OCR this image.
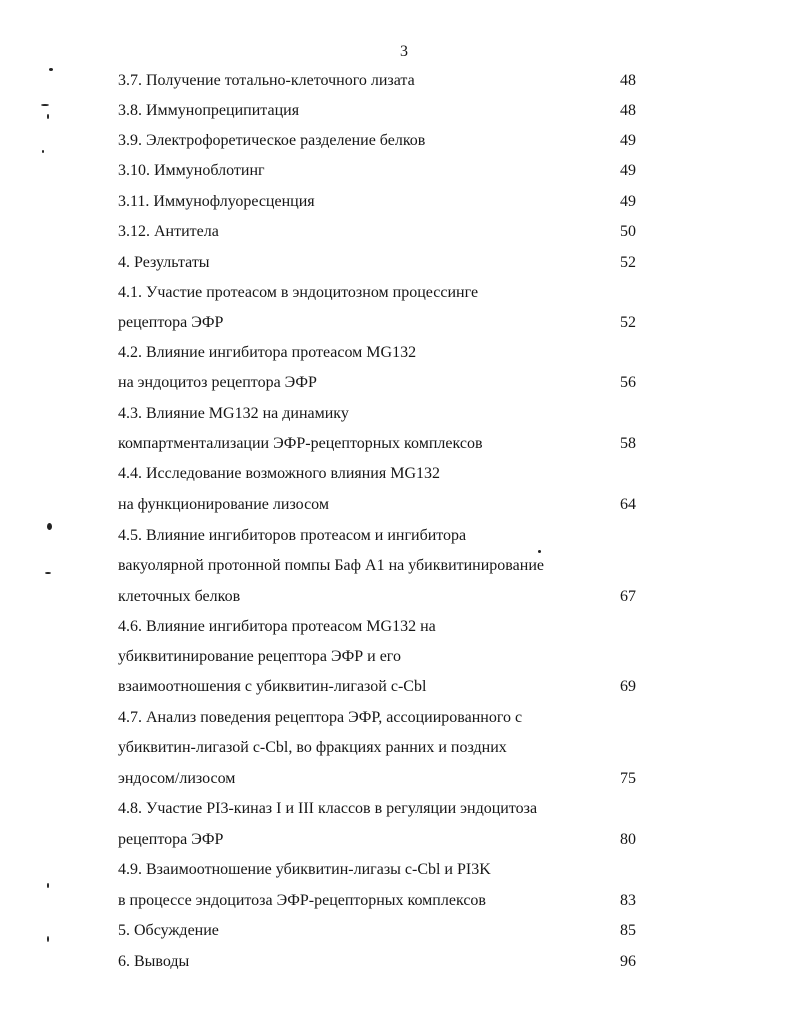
3
3.7. Получение тотально-клеточного лизата	48
3.8. Иммунопреципитация	48
3.9. Электрофоретическое разделение белков	49
3.10. Иммуноблотинг	49
3.11. Иммунофлуоресценция	49
3.12. Антитела	50
4. Результаты	52
4.1. Участие протеасом в эндоцитозном процессинге
рецептора ЭФР	52
4.2. Влияние ингибитора протеасом MG132
на эндоцитоз рецептора ЭФР	56
4.3. Влияние MG132 на динамику
компартментализации ЭФР-рецепторных комплексов	58
4.4. Исследование возможного влияния MG132
на функционирование лизосом	64
4.5. Влияние ингибиторов протеасом и ингибитора
вакуолярной протонной помпы Баф А1 на убиквитинирование
клеточных белков	67
4.6. Влияние ингибитора протеасом MG132 на
убиквитинирование рецептора ЭФР и его
взаимоотношения с убиквитин-лигазой c-Cbl	69
4.7. Анализ поведения рецептора ЭФР, ассоциированного с
убиквитин-лигазой c-Cbl, во фракциях ранних и поздних
эндосом/лизосом	75
4.8. Участие PI3-киназ I и III классов в регуляции эндоцитоза
рецептора ЭФР	80
4.9. Взаимоотношение убиквитин-лигазы c-Cbl и PI3K
в процессе эндоцитоза ЭФР-рецепторных комплексов	83
5. Обсуждение	85
6. Выводы	96
